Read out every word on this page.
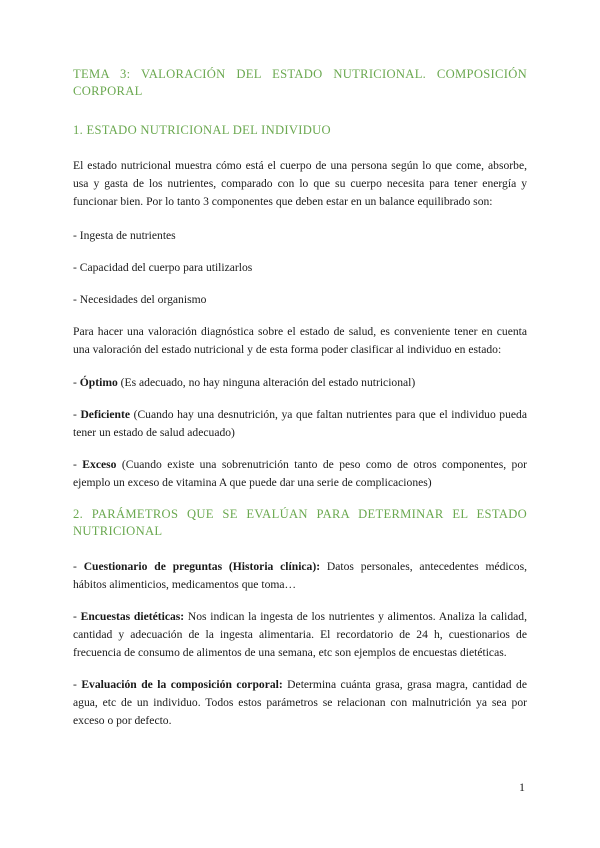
TEMA 3: VALORACIÓN DEL ESTADO NUTRICIONAL. COMPOSICIÓN CORPORAL
1. ESTADO NUTRICIONAL DEL INDIVIDUO

El estado nutricional muestra cómo está el cuerpo de una persona según lo que come, absorbe, usa y gasta de los nutrientes, comparado con lo que su cuerpo necesita para tener energía y funcionar bien. Por lo tanto 3 componentes que deben estar en un balance equilibrado son:

- Ingesta de nutrientes

- Capacidad del cuerpo para utilizarlos

- Necesidades del organismo

Para hacer una valoración diagnóstica sobre el estado de salud, es conveniente tener en cuenta una valoración del estado nutricional y de esta forma poder clasificar al individuo en estado:

- Óptimo (Es adecuado, no hay ninguna alteración del estado nutricional)

- Deficiente (Cuando hay una desnutrición, ya que faltan nutrientes para que el individuo pueda tener un estado de salud adecuado)

- Exceso (Cuando existe una sobrenutrición tanto de peso como de otros componentes, por ejemplo un exceso de vitamina A que puede dar una serie de complicaciones)

2. PARÁMETROS QUE SE EVALÚAN PARA DETERMINAR EL ESTADO NUTRICIONAL

- Cuestionario de preguntas (Historia clínica): Datos personales, antecedentes médicos, hábitos alimenticios, medicamentos que toma…

- Encuestas dietéticas: Nos indican la ingesta de los nutrientes y alimentos. Analiza la calidad, cantidad y adecuación de la ingesta alimentaria. El recordatorio de 24 h, cuestionarios de frecuencia de consumo de alimentos de una semana, etc son ejemplos de encuestas dietéticas.

- Evaluación de la composición corporal: Determina cuánta grasa, grasa magra, cantidad de agua, etc de un individuo. Todos estos parámetros se relacionan con malnutrición ya sea por exceso o por defecto.

1
